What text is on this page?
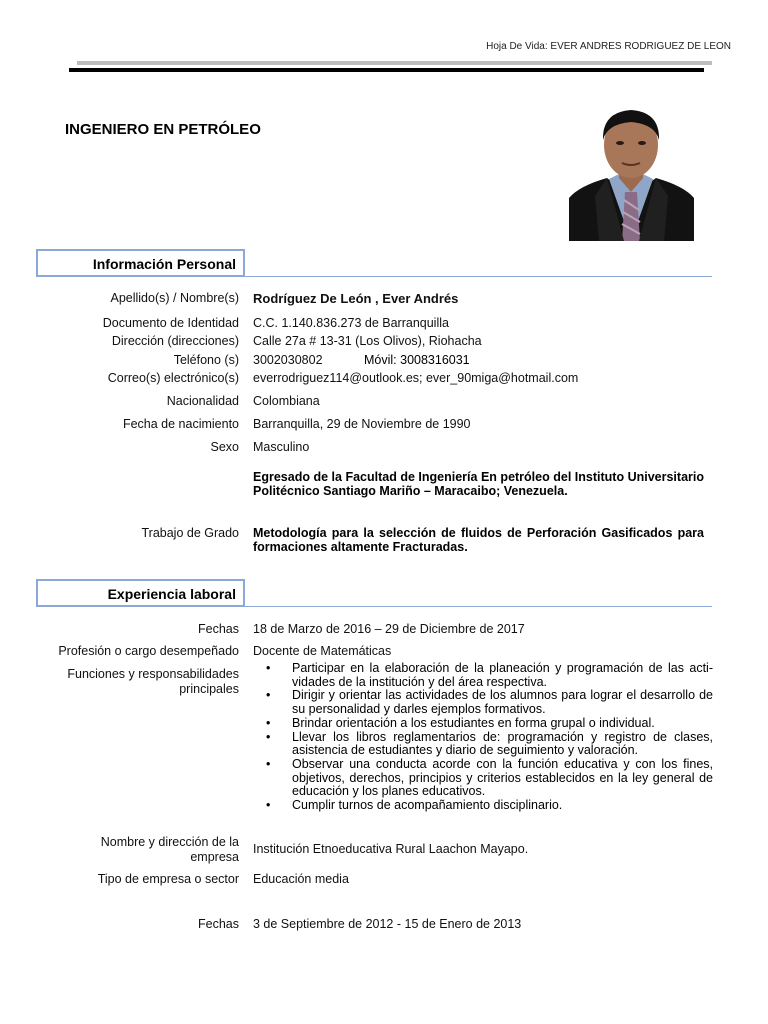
Hoja De Vida: EVER ANDRES RODRIGUEZ DE LEON
INGENIERO EN PETRÓLEO
Información Personal
Apellido(s) / Nombre(s) Rodríguez De León , Ever Andrés
Documento de Identidad C.C. 1.140.836.273 de Barranquilla
Dirección (direcciones) Calle 27a # 13-31 (Los Olivos), Riohacha
Teléfono (s) 3002030802	Móvil: 3008316031
Correo(s) electrónico(s) everrodriguez114@outlook.es; ever_90miga@hotmail.com
Nacionalidad Colombiana
Fecha de nacimiento Barranquilla, 29 de Noviembre de 1990
Sexo Masculino
Egresado de la Facultad de Ingeniería En petróleo del Instituto Universitario Politécnico Santiago Mariño – Maracaibo; Venezuela.
Trabajo de Grado Metodología para la selección de fluidos de Perforación Gasificados para formaciones altamente Fracturadas.
Experiencia laboral
Fechas 18 de Marzo de 2016 – 29 de Diciembre de 2017
Profesión o cargo desempeñado Docente de Matemáticas
Funciones y responsabilidades
principales
• Participar en la elaboración de la planeación y programación de las acti-vidades de la institución y del área respectiva.
• Dirigir y orientar las actividades de los alumnos para lograr el desarrollo de su personalidad y darles ejemplos formativos.
• Brindar orientación a los estudiantes en forma grupal o individual.
• Llevar los libros reglamentarios de: programación y registro de clases, asistencia de estudiantes y diario de seguimiento y valoración.
• Observar una conducta acorde con la función educativa y con los fines, objetivos, derechos, principios y criterios establecidos en la ley general de educación y los planes educativos.
• Cumplir turnos de acompañamiento disciplinario.
Nombre y dirección de la
empresa
Institución Etnoeducativa Rural Laachon Mayapo.
Tipo de empresa o sector Educación media
Fechas 3 de Septiembre de 2012 - 15 de Enero de 2013
